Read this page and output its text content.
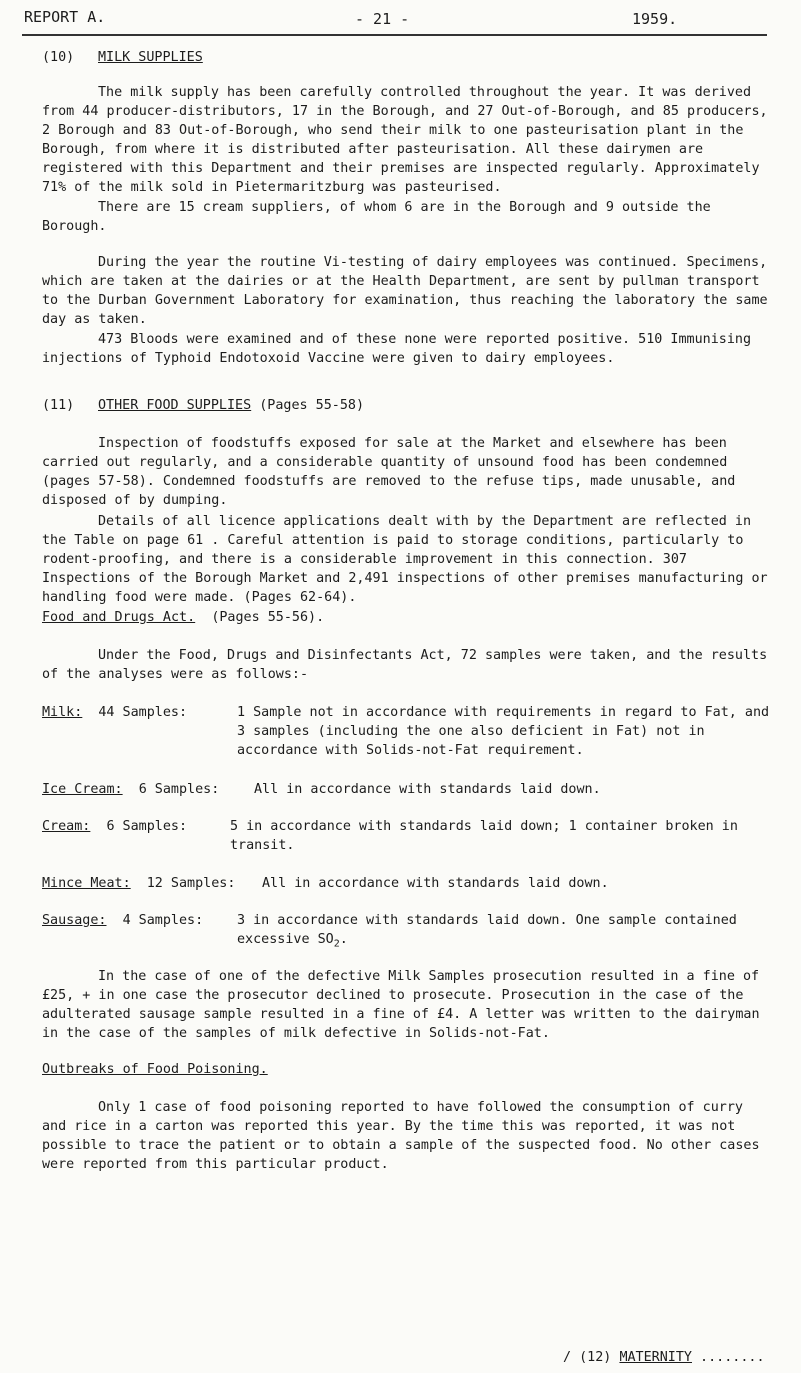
REPORT A.	- 21 -	1959.
(10) MILK SUPPLIES

The milk supply has been carefully controlled throughout the year. It was derived from 44 producer-distributors, 17 in the Borough, and 27 Out-of-Borough, and 85 producers, 2 Borough and 83 Out-of-Borough, who send their milk to one pasteurisation plant in the Borough, from where it is distributed after pasteurisation. All these dairymen are registered with this Department and their premises are inspected regularly. Approximately 71% of the milk sold in Pietermaritzburg was pasteurised.

There are 15 cream suppliers, of whom 6 are in the Borough and 9 outside the Borough.

During the year the routine Vi-testing of dairy employees was continued. Specimens, which are taken at the dairies or at the Health Department, are sent by pullman transport to the Durban Government Laboratory for examination, thus reaching the laboratory the same day as taken.

473 Bloods were examined and of these none were reported positive. 510 Immunising injections of Typhoid Endotoxoid Vaccine were given to dairy employees.

(11) OTHER FOOD SUPPLIES (Pages 55-58)

Inspection of foodstuffs exposed for sale at the Market and elsewhere has been carried out regularly, and a considerable quantity of unsound food has been condemned (pages 57-58). Condemned foodstuffs are removed to the refuse tips, made unusable, and disposed of by dumping.

Details of all licence applications dealt with by the Department are reflected in the Table on page 61 . Careful attention is paid to storage conditions, particularly to rodent-proofing, and there is a considerable improvement in this connection. 307 Inspections of the Borough Market and 2,491 inspections of other premises manufacturing or handling food were made. (Pages 62-64).

Food and Drugs Act. (Pages 55-56).

Under the Food, Drugs and Disinfectants Act, 72 samples were taken, and the results of the analyses were as follows:-

Milk: 44 Samples:	1 Sample not in accordance with requirements in regard to Fat, and 3 samples (including the one also deficient in Fat) not in accordance with Solids-not-Fat requirement.
Ice Cream: 6 Samples:	All in accordance with standards laid down.
Cream: 6 Samples:	5 in accordance with standards laid down; 1 container broken in transit.
Mince Meat: 12 Samples: All in accordance with standards laid down.
Sausage: 4 Samples:	3 in accordance with standards laid down. One sample contained excessive $SO_2$.

In the case of one of the defective Milk Samples prosecution resulted in a fine of £25, + in one case the prosecutor declined to prosecute. Prosecution in the case of the adulterated sausage sample resulted in a fine of £4. A letter was written to the dairyman in the case of the samples of milk defective in Solids-not-Fat.

Outbreaks of Food Poisoning.

Only 1 case of food poisoning reported to have followed the consumption of curry and rice in a carton was reported this year. By the time this was reported, it was not possible to trace the patient or to obtain a sample of the suspected food. No other cases were reported from this particular product.

/ (12) MATERNITY ........
